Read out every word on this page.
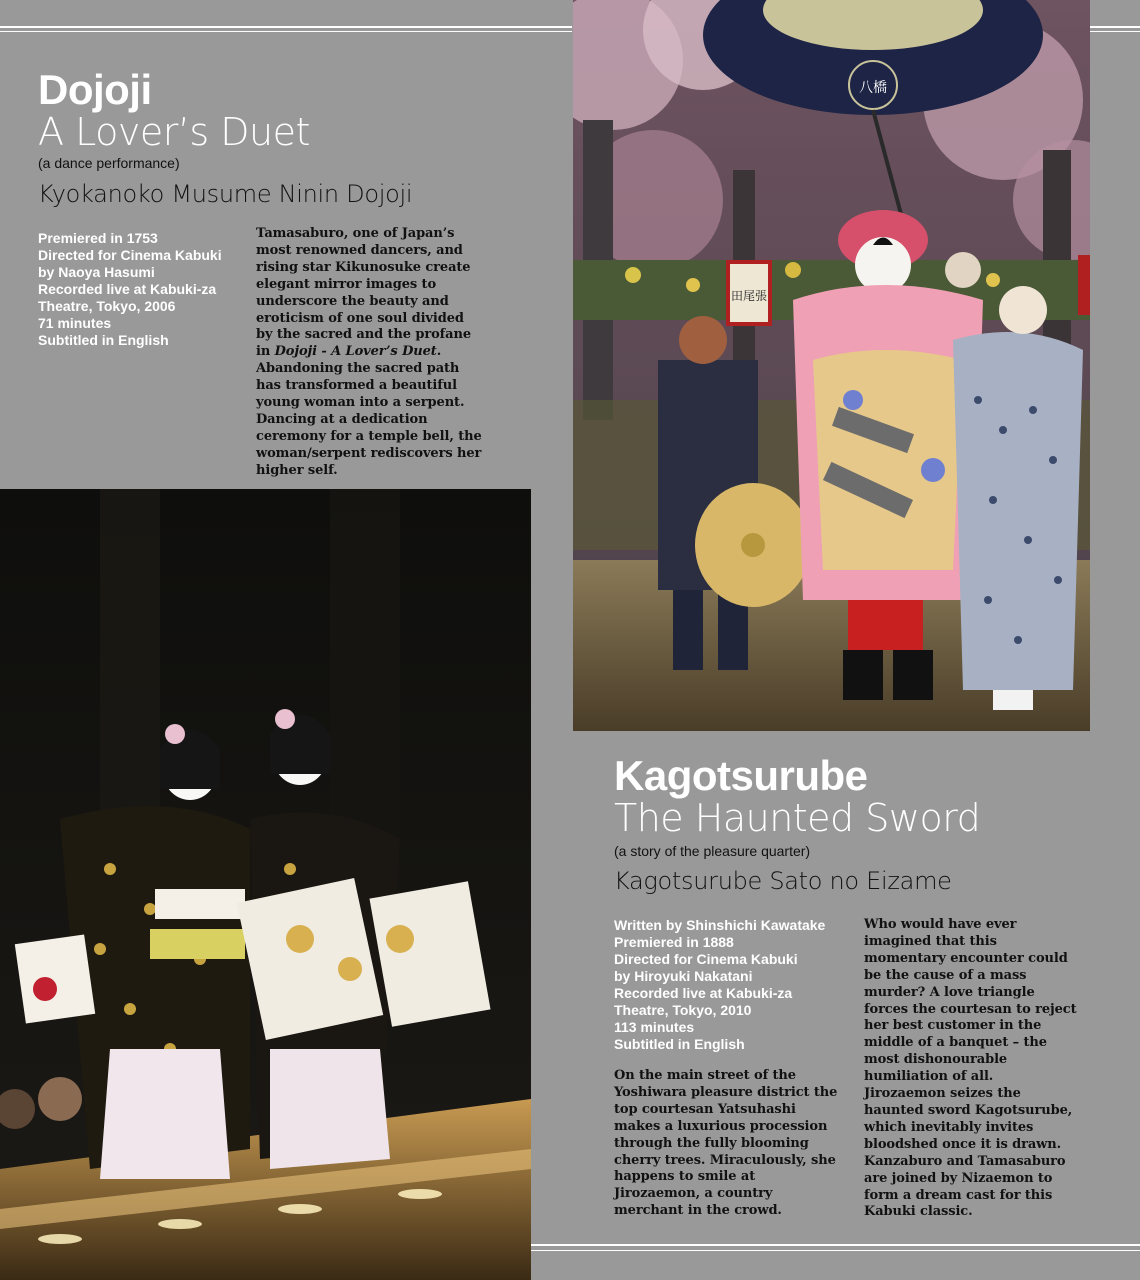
Dojoji
A Lover’s Duet
(a dance performance)
Kyokanoko Musume Ninin Dojoji
Premiered in 1753
Directed for Cinema Kabuki
by Naoya Hasumi
Recorded live at Kabuki-za
Theatre, Tokyo, 2006
71 minutes
Subtitled in English
Tamasaburo, one of Japan’s most renowned dancers, and rising star Kikunosuke create elegant mirror images to underscore the beauty and eroticism of one soul divided by the sacred and the profane in Dojoji - A Lover’s Duet. Abandoning the sacred path has transformed a beautiful young woman into a serpent. Dancing at a dedication ceremony for a temple bell, the woman/serpent rediscovers her higher self.
八橋
田尾張
Kagotsurube
The Haunted Sword
(a story of the pleasure quarter)
Kagotsurube Sato no Eizame
Written by Shinshichi Kawatake
Premiered in 1888
Directed for Cinema Kabuki
by Hiroyuki Nakatani
Recorded live at Kabuki-za
Theatre, Tokyo, 2010
113 minutes
Subtitled in English
On the main street of the Yoshiwara pleasure district the top courtesan Yatsuhashi makes a luxurious procession through the fully blooming cherry trees. Miraculously, she happens to smile at Jirozaemon, a country merchant in the crowd.
Who would have ever imagined that this momentary encounter could be the cause of a mass murder? A love triangle forces the courtesan to reject her best customer in the middle of a banquet – the most dishonourable humiliation of all. Jirozaemon seizes the haunted sword Kagotsurube, which inevitably invites bloodshed once it is drawn. Kanzaburo and Tamasaburo are joined by Nizaemon to form a dream cast for this Kabuki classic.
